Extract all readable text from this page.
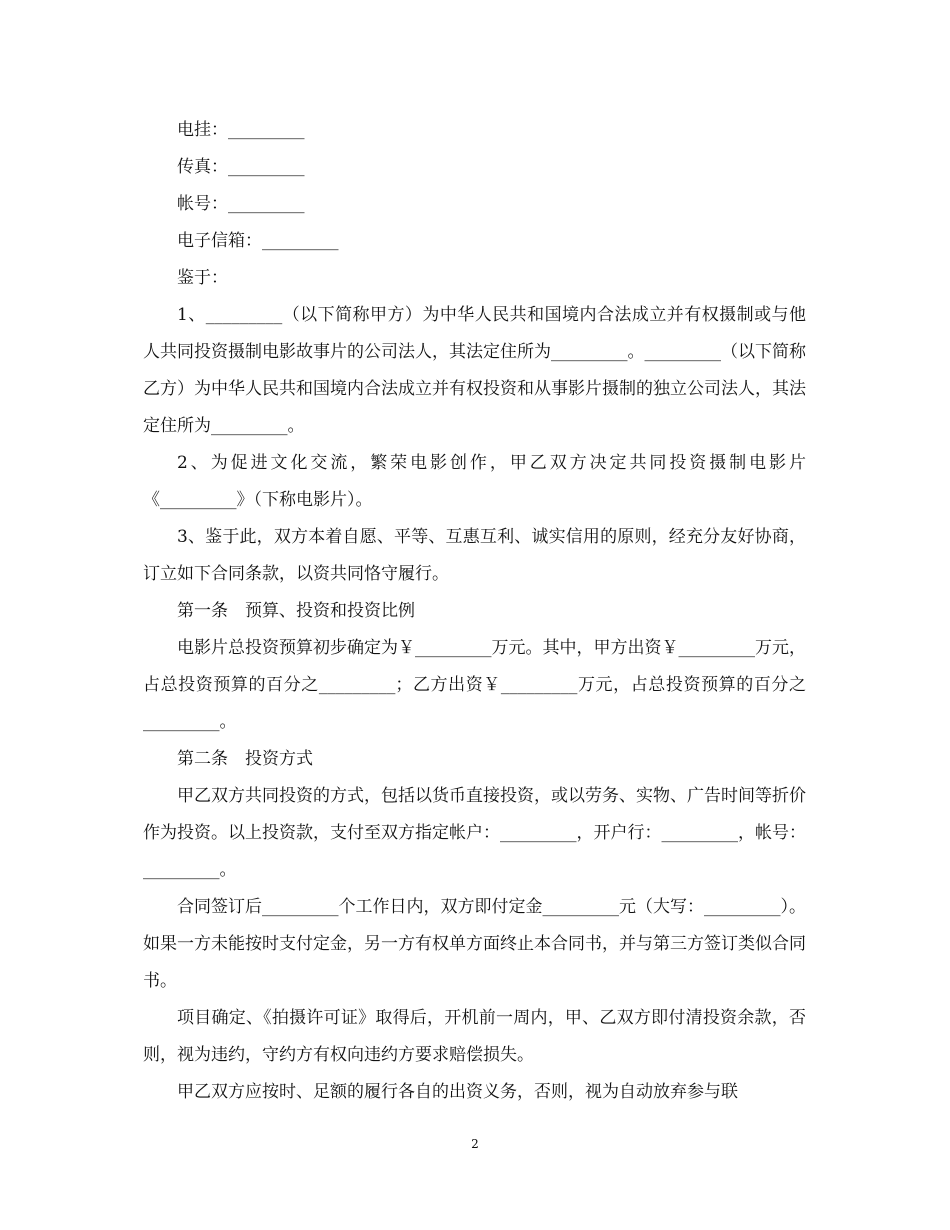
电挂：_________

传真：_________

帐号：_________

电子信箱：_________

鉴于：

1、_________（以下简称甲方）为中华人民共和国境内合法成立并有权摄制或与他人共同投资摄制电影故事片的公司法人，其法定住所为_________。_________（以下简称乙方）为中华人民共和国境内合法成立并有权投资和从事影片摄制的独立公司法人，其法定住所为_________。

2、为促进文化交流，繁荣电影创作，甲乙双方决定共同投资摄制电影片《_________》（下称电影片）。

3、鉴于此，双方本着自愿、平等、互惠互利、诚实信用的原则，经充分友好协商，订立如下合同条款，以资共同恪守履行。

第一条　预算、投资和投资比例

电影片总投资预算初步确定为￥_________万元。其中，甲方出资￥_________万元，占总投资预算的百分之_________；乙方出资￥_________万元，占总投资预算的百分之_________。

第二条　投资方式

甲乙双方共同投资的方式，包括以货币直接投资，或以劳务、实物、广告时间等折价作为投资。以上投资款，支付至双方指定帐户：_________，开户行：_________，帐号：_________。

合同签订后_________个工作日内，双方即付定金_________元（大写：_________）。如果一方未能按时支付定金，另一方有权单方面终止本合同书，并与第三方签订类似合同书。

项目确定、《拍摄许可证》取得后，开机前一周内，甲、乙双方即付清投资余款，否则，视为违约，守约方有权向违约方要求赔偿损失。

甲乙双方应按时、足额的履行各自的出资义务，否则，视为自动放弃参与联

2
